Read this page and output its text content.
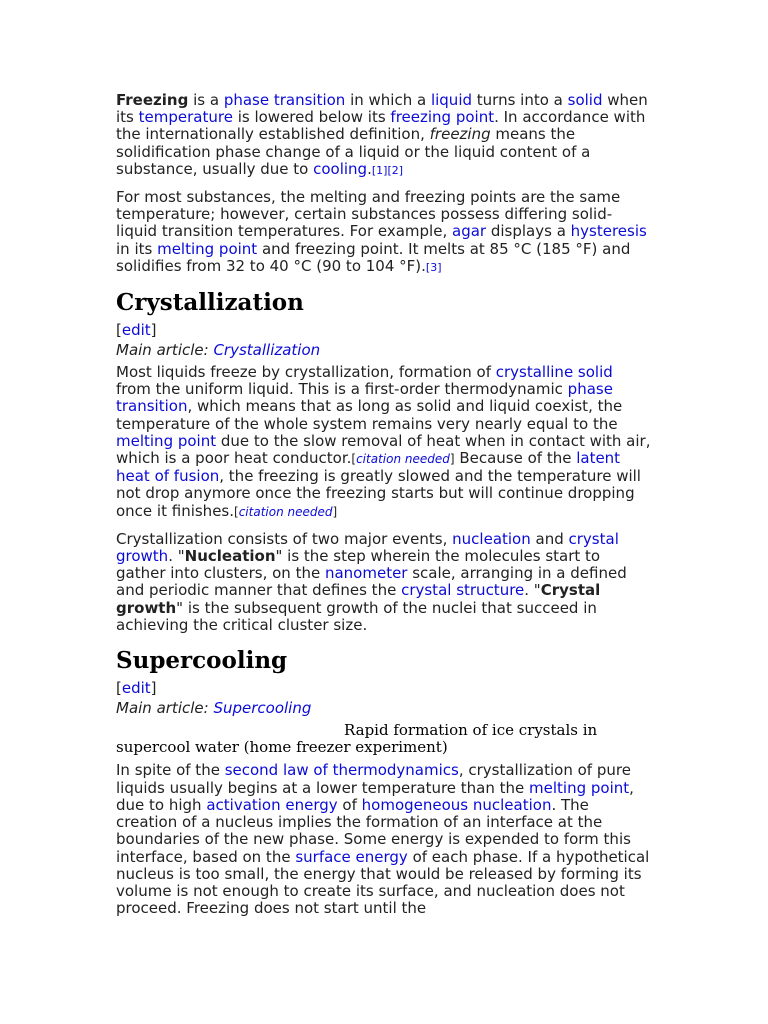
Freezing is a phase transition in which a liquid turns into a solid when its temperature is lowered below its freezing point. In accordance with the internationally established definition, freezing means the solidification phase change of a liquid or the liquid content of a substance, usually due to cooling.[1][2]

For most substances, the melting and freezing points are the same temperature; however, certain substances possess differing solid-liquid transition temperatures. For example, agar displays a hysteresis in its melting point and freezing point. It melts at 85 °C (185 °F) and solidifies from 32 to 40 °C (90 to 104 °F).[3]

Crystallization
[edit]
Main article: Crystallization

Most liquids freeze by crystallization, formation of crystalline solid from the uniform liquid. This is a first-order thermodynamic phase transition, which means that as long as solid and liquid coexist, the temperature of the whole system remains very nearly equal to the melting point due to the slow removal of heat when in contact with air, which is a poor heat conductor.[citation needed] Because of the latent heat of fusion, the freezing is greatly slowed and the temperature will not drop anymore once the freezing starts but will continue dropping once it finishes.[citation needed]

Crystallization consists of two major events, nucleation and crystal growth. "Nucleation" is the step wherein the molecules start to gather into clusters, on the nanometer scale, arranging in a defined and periodic manner that defines the crystal structure. "Crystal growth" is the subsequent growth of the nuclei that succeed in achieving the critical cluster size.

Supercooling
[edit]
Main article: Supercooling
Rapid formation of ice crystals in supercool water (home freezer experiment)

In spite of the second law of thermodynamics, crystallization of pure liquids usually begins at a lower temperature than the melting point, due to high activation energy of homogeneous nucleation. The creation of a nucleus implies the formation of an interface at the boundaries of the new phase. Some energy is expended to form this interface, based on the surface energy of each phase. If a hypothetical nucleus is too small, the energy that would be released by forming its volume is not enough to create its surface, and nucleation does not proceed. Freezing does not start until the
